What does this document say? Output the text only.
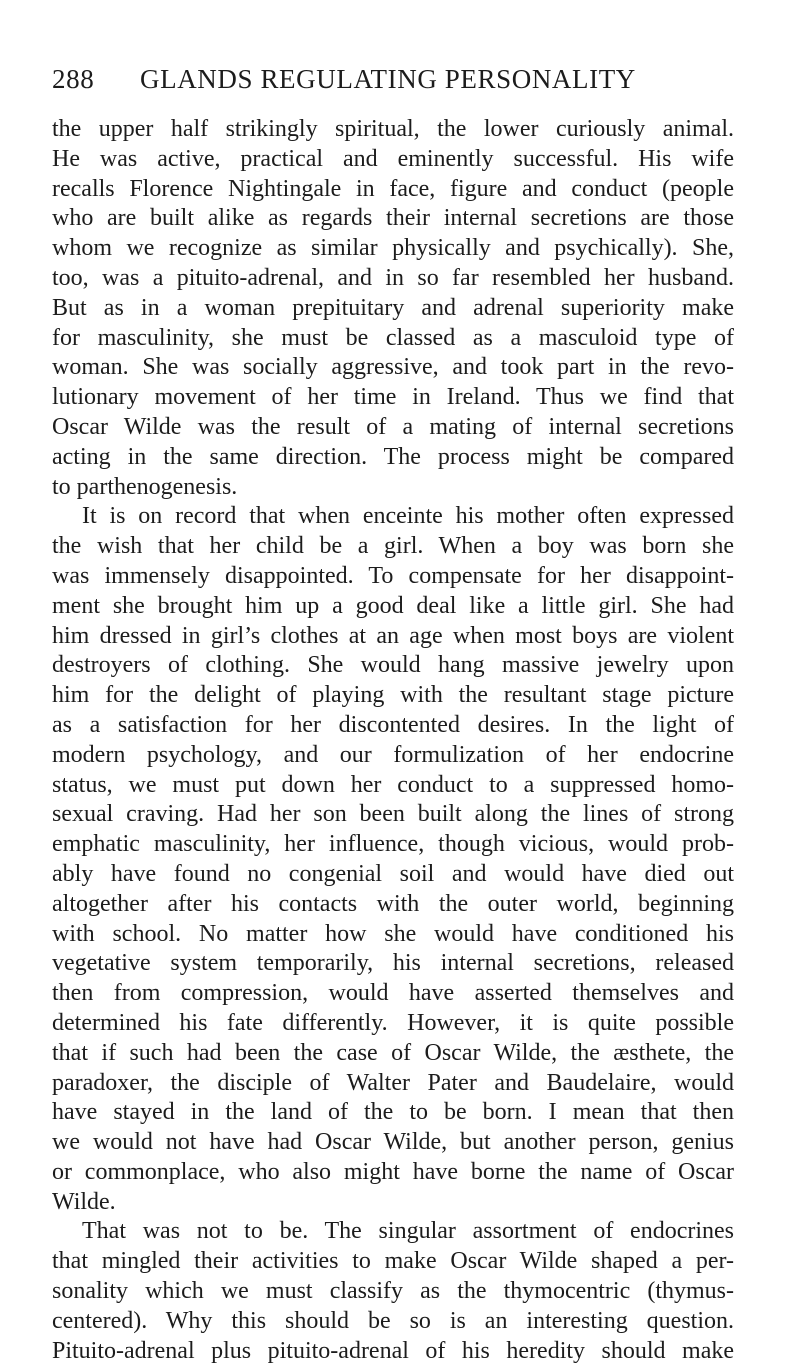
288 GLANDS REGULATING PERSONALITY
the upper half strikingly spiritual, the lower curiously animal.
He was active, practical and eminently successful. His wife
recalls Florence Nightingale in face, figure and conduct (people
who are built alike as regards their internal secretions are those
whom we recognize as similar physically and psychically). She,
too, was a pituito-adrenal, and in so far resembled her husband.
But as in a woman prepituitary and adrenal superiority make
for masculinity, she must be classed as a masculoid type of
woman. She was socially aggressive, and took part in the revo-
lutionary movement of her time in Ireland. Thus we find that
Oscar Wilde was the result of a mating of internal secretions
acting in the same direction. The process might be compared
to parthenogenesis.
It is on record that when enceinte his mother often expressed
the wish that her child be a girl. When a boy was born she
was immensely disappointed. To compensate for her disappoint-
ment she brought him up a good deal like a little girl. She had
him dressed in girl’s clothes at an age when most boys are violent
destroyers of clothing. She would hang massive jewelry upon
him for the delight of playing with the resultant stage picture
as a satisfaction for her discontented desires. In the light of
modern psychology, and our formulization of her endocrine
status, we must put down her conduct to a suppressed homo-
sexual craving. Had her son been built along the lines of strong
emphatic masculinity, her influence, though vicious, would prob-
ably have found no congenial soil and would have died out
altogether after his contacts with the outer world, beginning
with school. No matter how she would have conditioned his
vegetative system temporarily, his internal secretions, released
then from compression, would have asserted themselves and
determined his fate differently. However, it is quite possible
that if such had been the case of Oscar Wilde, the æsthete, the
paradoxer, the disciple of Walter Pater and Baudelaire, would
have stayed in the land of the to be born. I mean that then
we would not have had Oscar Wilde, but another person, genius
or commonplace, who also might have borne the name of Oscar
Wilde.
That was not to be. The singular assortment of endocrines
that mingled their activities to make Oscar Wilde shaped a per-
sonality which we must classify as the thymocentric (thymus-
centered). Why this should be so is an interesting question.
Pituito-adrenal plus pituito-adrenal of his heredity should make
